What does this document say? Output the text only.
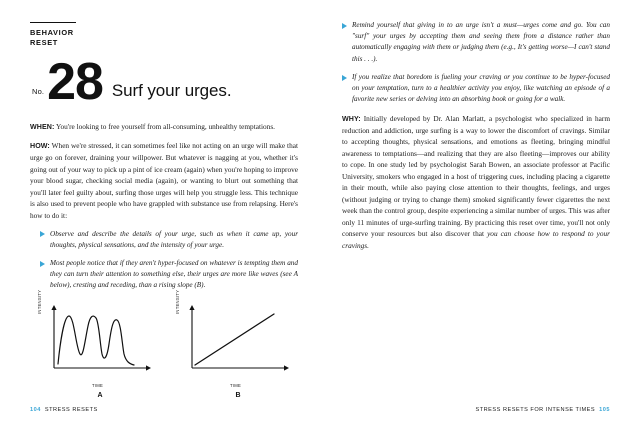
BEHAVIOR
RESET
No. 28 Surf your urges.

WHEN: You're looking to free yourself from all-consuming, unhealthy temptations.

HOW: When we're stressed, it can sometimes feel like not acting on an urge will make that urge go on forever, draining your willpower. But whatever is nagging at you, whether it's going out of your way to pick up a pint of ice cream (again) when you're hoping to improve your blood sugar, checking social media (again), or wanting to blurt out something that you'll later feel guilty about, surfing those urges will help you struggle less. This technique is also used to prevent people who have grappled with substance use from relapsing. Here's how to do it:

Observe and describe the details of your urge, such as when it came up, your thoughts, physical sensations, and the intensity of your urge.
Most people notice that if they aren't hyper-focused on whatever is tempting them and they can turn their attention to something else, their urges are more like waves (see A below), cresting and receding, than a rising slope (B).
INTENSITY
TIME
A
INTENSITY
TIME
B
104 STRESS RESETS
Remind yourself that giving in to an urge isn't a must—urges come and go. You can "surf" your urges by accepting them and seeing them from a distance rather than automatically engaging with them or judging them (e.g., It's getting worse—I can't stand this . . .).
If you realize that boredom is fueling your craving or you continue to be hyper-focused on your temptation, turn to a healthier activity you enjoy, like watching an episode of a favorite new series or delving into an absorbing book or going for a walk.

WHY: Initially developed by Dr. Alan Marlatt, a psychologist who specialized in harm reduction and addiction, urge surfing is a way to lower the discomfort of cravings. Similar to accepting thoughts, physical sensations, and emotions as fleeting, bringing mindful awareness to temptations—and realizing that they are also fleeting—improves our ability to cope. In one study led by psychologist Sarah Bowen, an associate professor at Pacific University, smokers who engaged in a host of triggering cues, including placing a cigarette in their mouth, while also paying close attention to their thoughts, feelings, and urges (without judging or trying to change them) smoked significantly fewer cigarettes the next week than the control group, despite experiencing a similar number of urges. This was after only 11 minutes of urge-surfing training. By practicing this reset over time, you'll not only conserve your resources but also discover that you can choose how to respond to your cravings.

STRESS RESETS FOR INTENSE TIMES 105
